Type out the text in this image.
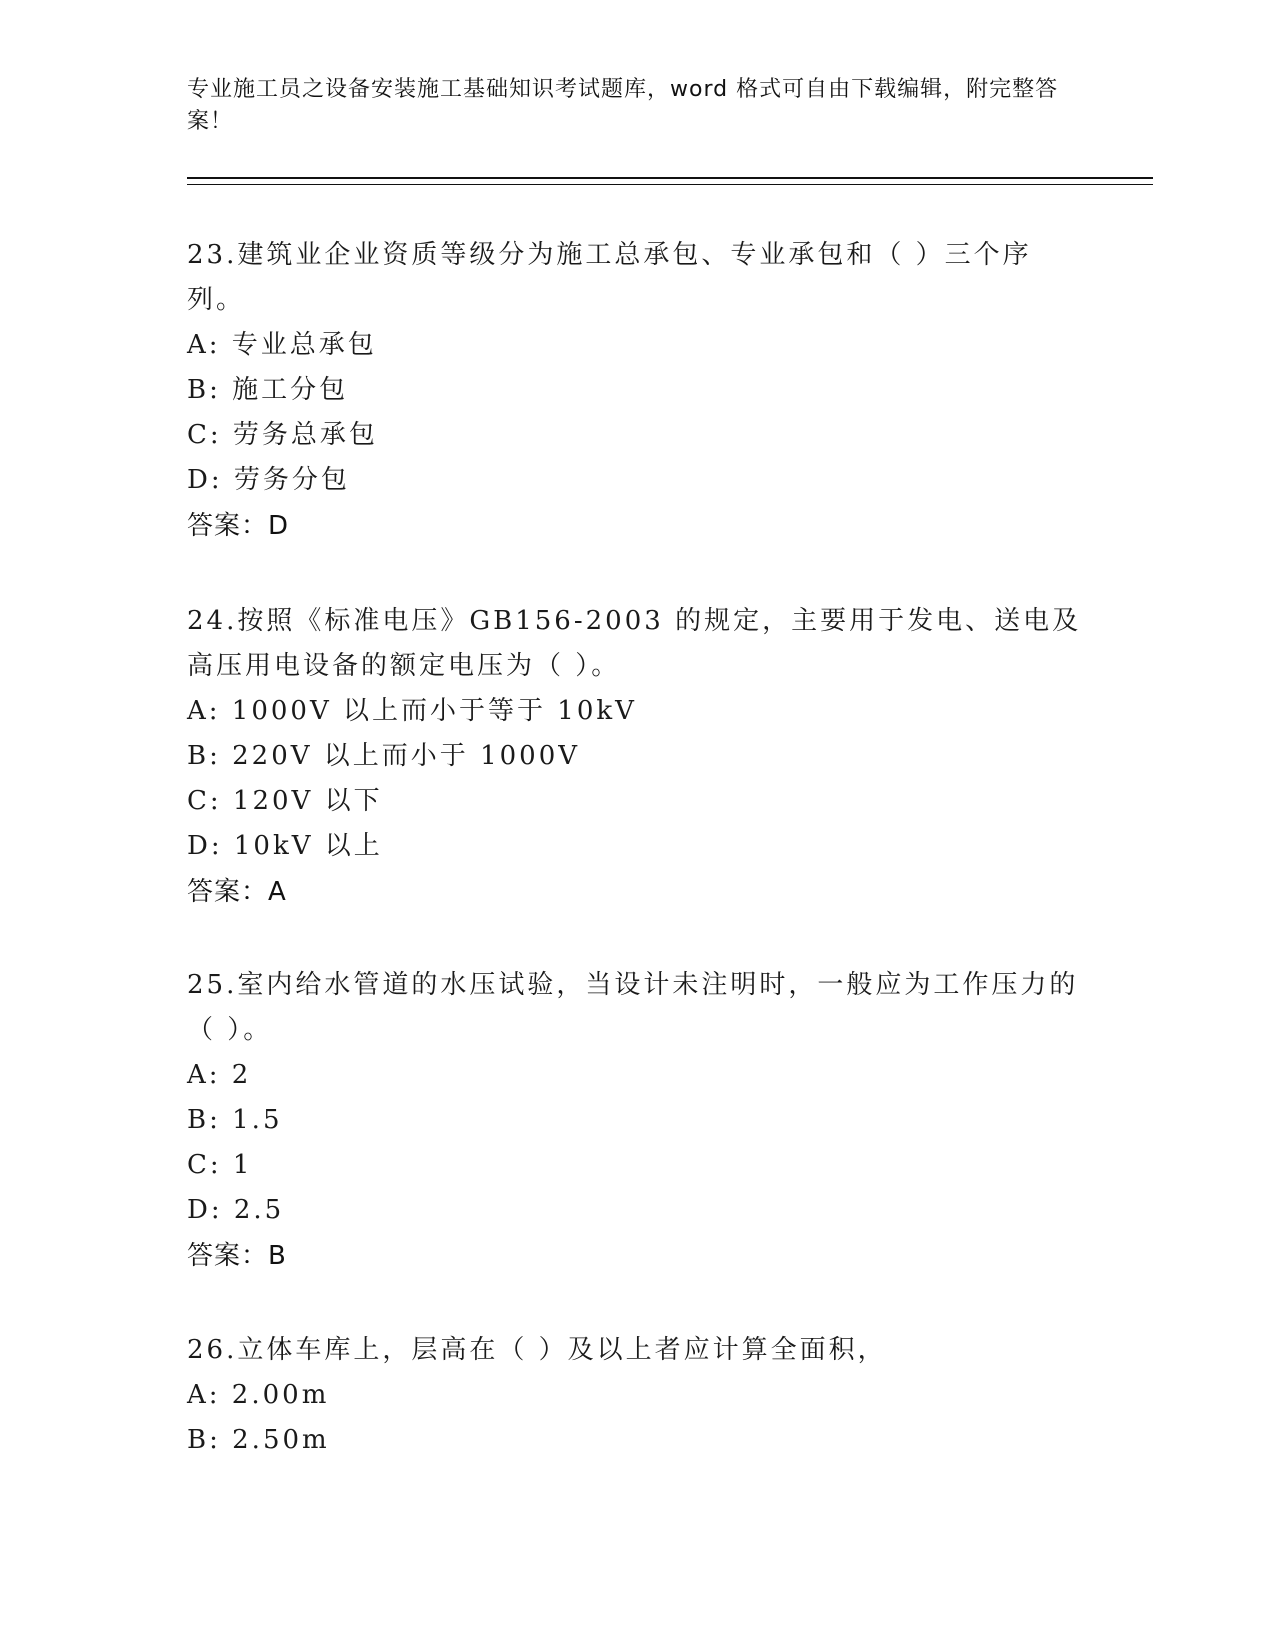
专业施工员之设备安装施工基础知识考试题库，word 格式可自由下载编辑，附完整答案！

23.建筑业企业资质等级分为施工总承包、专业承包和（ ）三个序列。

A: 专业总承包

B: 施工分包

C: 劳务总承包

D: 劳务分包

答案：D

24.按照《标准电压》GB156-2003 的规定，主要用于发电、送电及高压用电设备的额定电压为（ ）。

A: 1000V 以上而小于等于 10kV

B: 220V 以上而小于 1000V

C: 120V 以下

D: 10kV 以上

答案：A

25.室内给水管道的水压试验，当设计未注明时，一般应为工作压力的（ ）。

A: 2

B: 1.5

C: 1

D: 2.5

答案：B

26.立体车库上，层高在（ ）及以上者应计算全面积，

A: 2.00m

B: 2.50m
